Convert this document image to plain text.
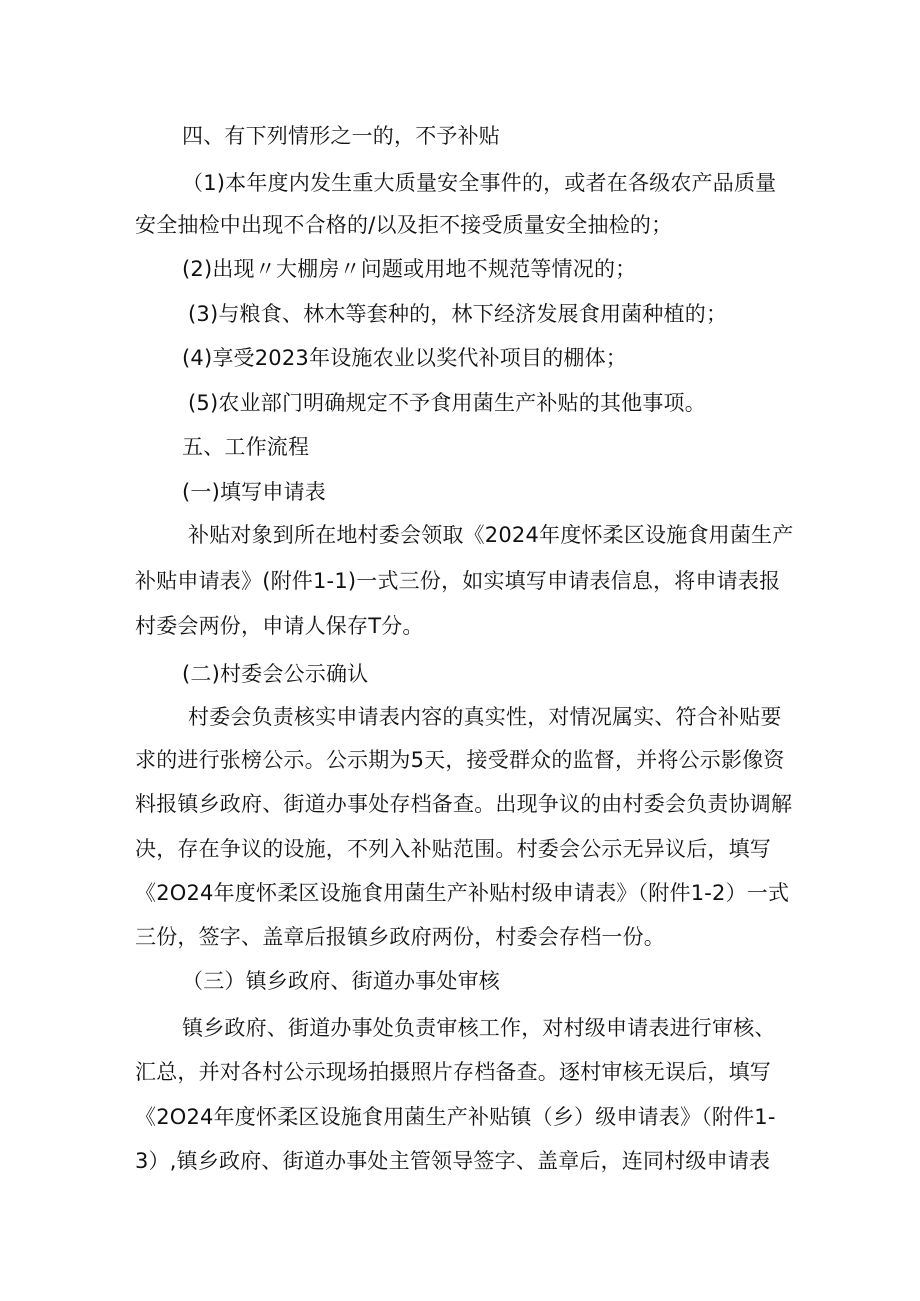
四、有下列情形之一的，不予补贴
（1)本年度内发生重大质量安全事件的，或者在各级农产品质量
安全抽检中出现不合格的/以及拒不接受质量安全抽检的；
(2)出现〃大棚房〃问题或用地不规范等情况的；
(3)与粮食、林木等套种的，林下经济发展食用菌种植的；
(4)享受2023年设施农业以奖代补项目的棚体；
(5)农业部门明确规定不予食用菌生产补贴的其他事项。
五、工作流程
(一)填写申请表
补贴对象到所在地村委会领取《2024年度怀柔区设施食用菌生产
补贴申请表》(附件1-1)一式三份，如实填写申请表信息，将申请表报
村委会两份，申请人保存T分。
(二)村委会公示确认
村委会负责核实申请表内容的真实性，对情况属实、符合补贴要
求的进行张榜公示。公示期为5天，接受群众的监督，并将公示影像资
料报镇乡政府、街道办事处存档备查。出现争议的由村委会负责协调解
决，存在争议的设施，不列入补贴范围。村委会公示无异议后，填写
《2O24年度怀柔区设施食用菌生产补贴村级申请表》（附件1-2）一式
三份，签字、盖章后报镇乡政府两份，村委会存档一份。
（三）镇乡政府、街道办事处审核
镇乡政府、街道办事处负责审核工作，对村级申请表进行审核、
汇总，并对各村公示现场拍摄照片存档备查。逐村审核无误后，填写
《2O24年度怀柔区设施食用菌生产补贴镇（乡）级申请表》（附件1-
3）,镇乡政府、街道办事处主管领导签字、盖章后，连同村级申请表
